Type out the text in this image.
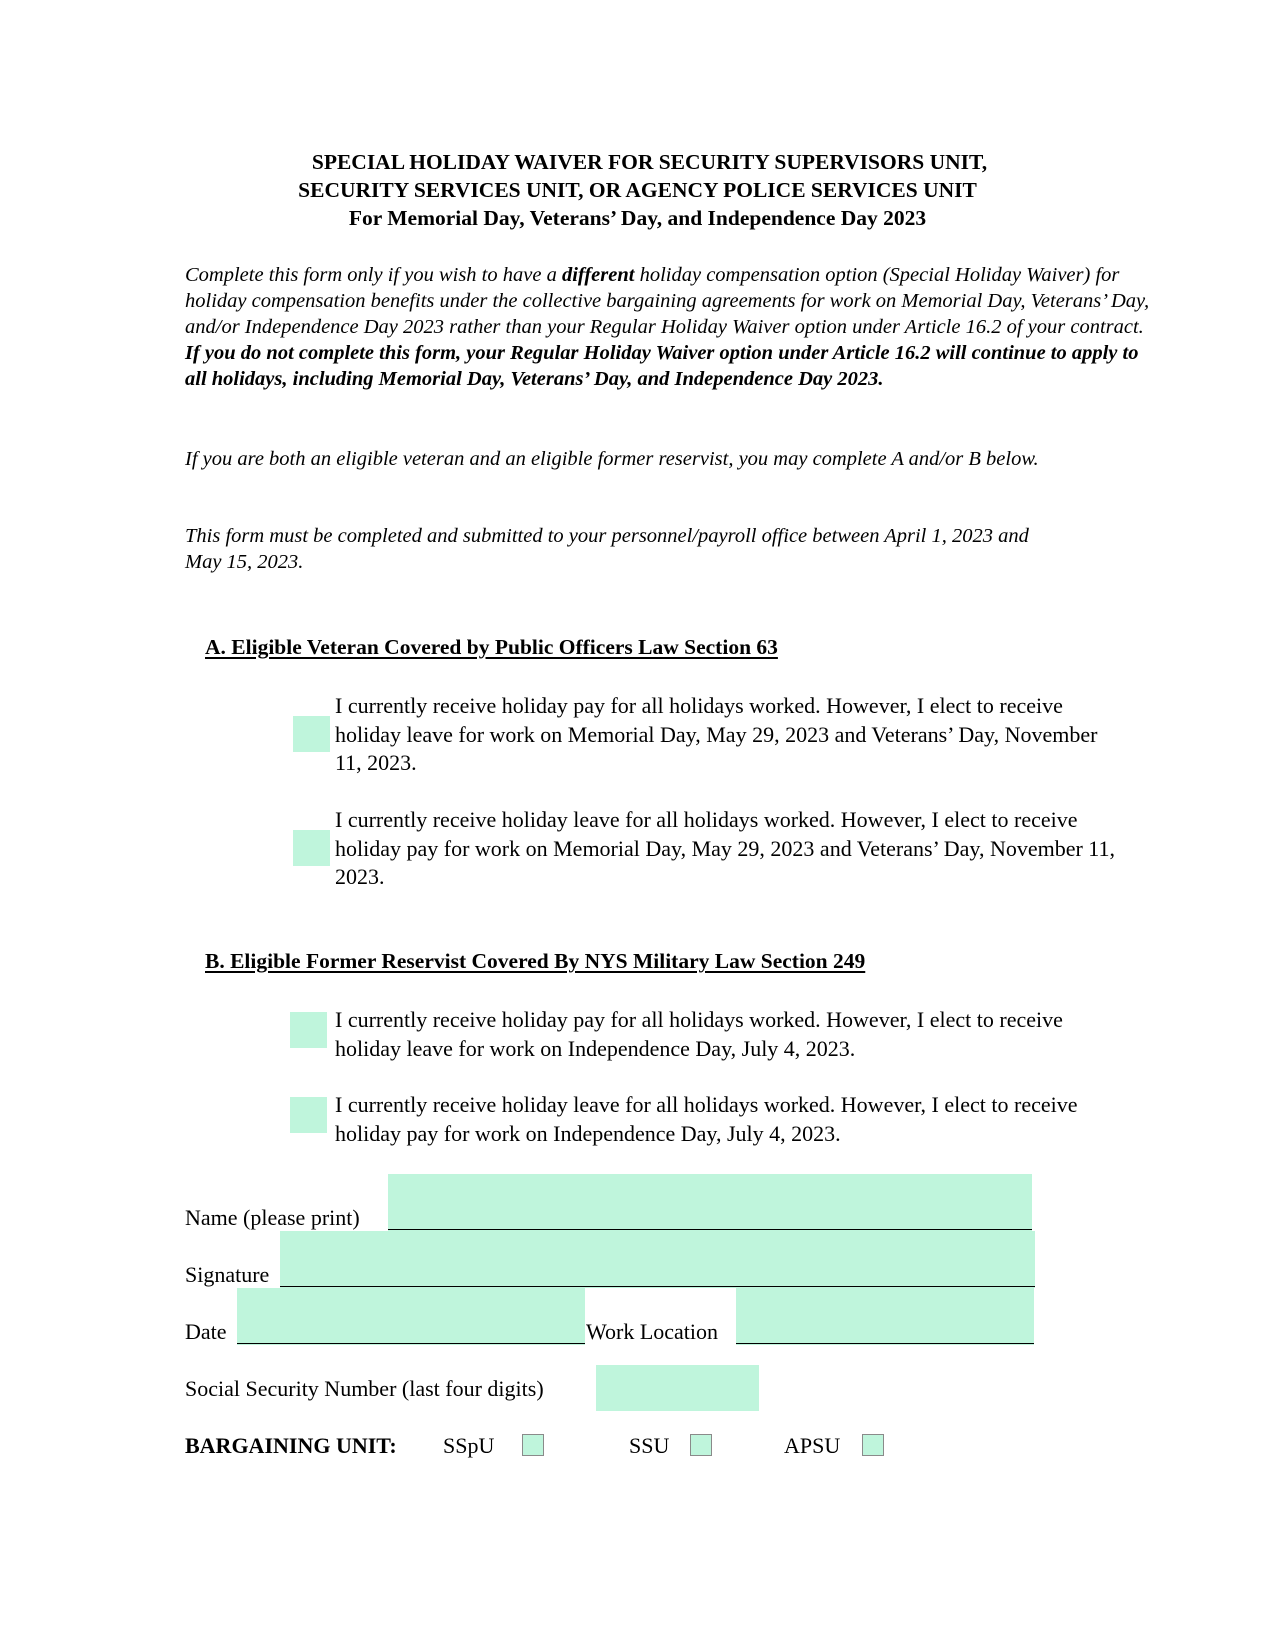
SPECIAL HOLIDAY WAIVER FOR SECURITY SUPERVISORS UNIT,
SECURITY SERVICES UNIT, OR AGENCY POLICE SERVICES UNIT
For Memorial Day, Veterans’ Day, and Independence Day 2023
Complete this form only if you wish to have a different holiday compensation option (Special Holiday Waiver) for holiday compensation benefits under the collective bargaining agreements for work on Memorial Day, Veterans’ Day, and/or Independence Day 2023 rather than your Regular Holiday Waiver option under Article 16.2 of your contract. If you do not complete this form, your Regular Holiday Waiver option under Article 16.2 will continue to apply to all holidays, including Memorial Day, Veterans’ Day, and Independence Day 2023.
If you are both an eligible veteran and an eligible former reservist, you may complete A and/or B below.
This form must be completed and submitted to your personnel/payroll office between April 1, 2023 and May 15, 2023.
A. Eligible Veteran Covered by Public Officers Law Section 63
I currently receive holiday pay for all holidays worked. However, I elect to receive holiday leave for work on Memorial Day, May 29, 2023 and Veterans’ Day, November 11, 2023.
I currently receive holiday leave for all holidays worked. However, I elect to receive holiday pay for work on Memorial Day, May 29, 2023 and Veterans’ Day, November 11, 2023.
B. Eligible Former Reservist Covered By NYS Military Law Section 249
I currently receive holiday pay for all holidays worked. However, I elect to receive holiday leave for work on Independence Day, July 4, 2023.
I currently receive holiday leave for all holidays worked. However, I elect to receive holiday pay for work on Independence Day, July 4, 2023.
Name (please print)
Signature
Date	Work Location
Social Security Number (last four digits)
BARGAINING UNIT: SSpU	SSU	APSU
